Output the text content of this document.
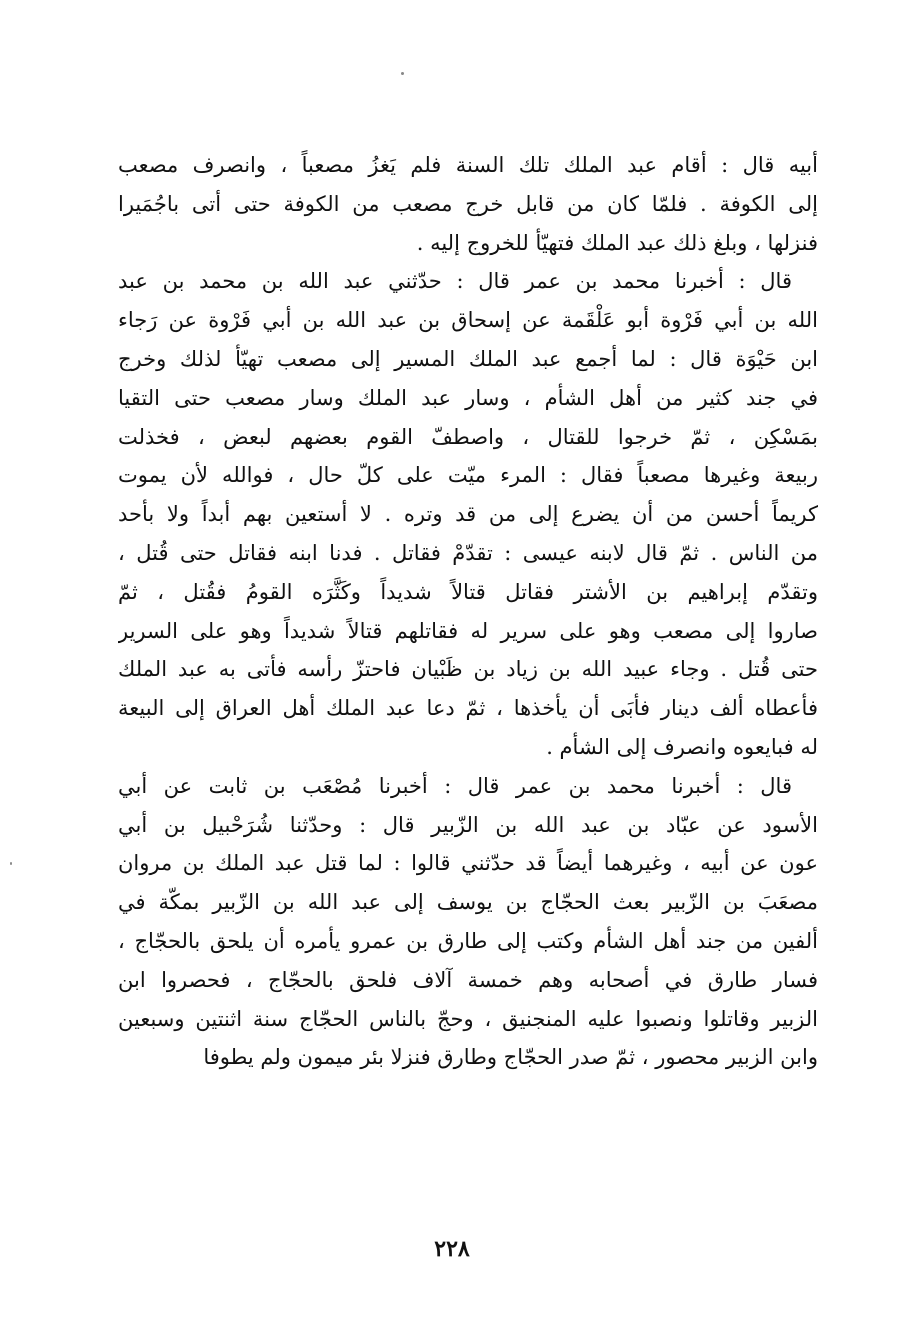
أبيه قال : أقام عبد الملك تلك السنة فلم يَغزُ مصعباً ، وانصرف مصعب
إلى الكوفة . فلمّا كان من قابل خرج مصعب من الكوفة حتى أتى باجُمَيرا
فنزلها ، وبلغ ذلك عبد الملك فتهيّأ للخروج إليه .
قال : أخبرنا محمد بن عمر قال : حدّثني عبد الله بن محمد بن عبد
الله بن أبي فَرْوة أبو عَلْقَمة عن إسحاق بن عبد الله بن أبي فَرْوة عن رَجاء
ابن حَيْوَة قال : لما أجمع عبد الملك المسير إلى مصعب تهيّأ لذلك وخرج
في جند كثير من أهل الشأم ، وسار عبد الملك وسار مصعب حتى التقيا
بمَسْكِن ، ثمّ خرجوا للقتال ، واصطفّ القوم بعضهم لبعض ، فخذلت
ربيعة وغيرها مصعباً فقال : المرء ميّت على كلّ حال ، فوالله لأن يموت
كريماً أحسن من أن يضرع إلى من قد وتره . لا أستعين بهم أبداً ولا بأحد
من الناس . ثمّ قال لابنه عيسى : تقدّمْ فقاتل . فدنا ابنه فقاتل حتى قُتل ،
وتقدّم إبراهيم بن الأشتر فقاتل قتالاً شديداً وكَثَّرَه القومُ فقُتل ، ثمّ
صاروا إلى مصعب وهو على سرير له فقاتلهم قتالاً شديداً وهو على السرير
حتى قُتل . وجاء عبيد الله بن زياد بن ظَبْيان فاحتزّ رأسه فأتى به عبد الملك
فأعطاه ألف دينار فأبَى أن يأخذها ، ثمّ دعا عبد الملك أهل العراق إلى البيعة
له فبايعوه وانصرف إلى الشأم .
قال : أخبرنا محمد بن عمر قال : أخبرنا مُصْعَب بن ثابت عن أبي
الأسود عن عبّاد بن عبد الله بن الزّبير قال : وحدّثنا شُرَحْبيل بن أبي
عون عن أبيه ، وغيرهما أيضاً قد حدّثني قالوا : لما قتل عبد الملك بن مروان
مصعَبَ بن الزّبير بعث الحجّاج بن يوسف إلى عبد الله بن الزّبير بمكّة في
ألفين من جند أهل الشأم وكتب إلى طارق بن عمرو يأمره أن يلحق بالحجّاج ،
فسار طارق في أصحابه وهم خمسة آلاف فلحق بالحجّاج ، فحصروا ابن
الزبير وقاتلوا ونصبوا عليه المنجنيق ، وحجّ بالناس الحجّاج سنة اثنتين وسبعين
وابن الزبير محصور ، ثمّ صدر الحجّاج وطارق فنزلا بئر ميمون ولم يطوفا
٢٢٨
